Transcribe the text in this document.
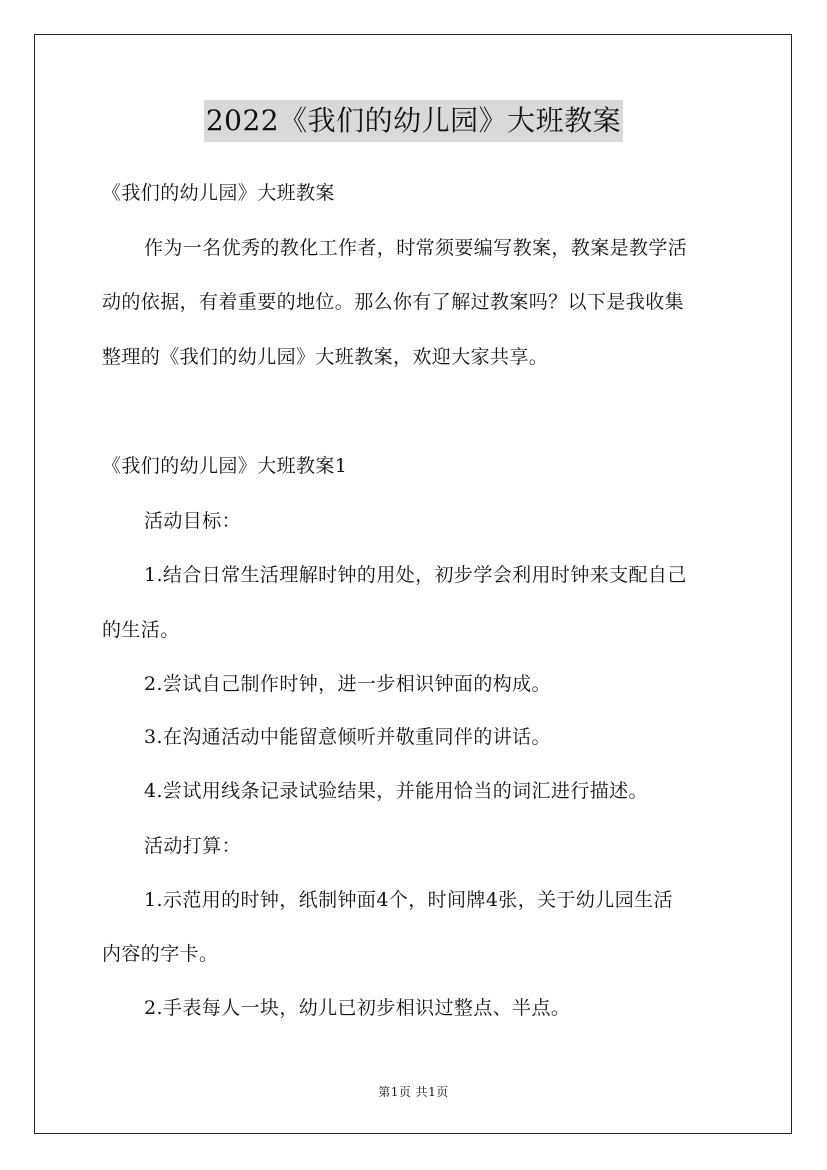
2022《我们的幼儿园》大班教案
《我们的幼儿园》大班教案
作为一名优秀的教化工作者，时常须要编写教案，教案是教学活
动的依据，有着重要的地位。那么你有了解过教案吗？以下是我收集
整理的《我们的幼儿园》大班教案，欢迎大家共享。
《我们的幼儿园》大班教案1
活动目标：
1.结合日常生活理解时钟的用处，初步学会利用时钟来支配自己
的生活。
2.尝试自己制作时钟，进一步相识钟面的构成。
3.在沟通活动中能留意倾听并敬重同伴的讲话。
4.尝试用线条记录试验结果，并能用恰当的词汇进行描述。
活动打算：
1.示范用的时钟，纸制钟面4个，时间牌4张，关于幼儿园生活
内容的字卡。
2.手表每人一块，幼儿已初步相识过整点、半点。
第1页 共1页
